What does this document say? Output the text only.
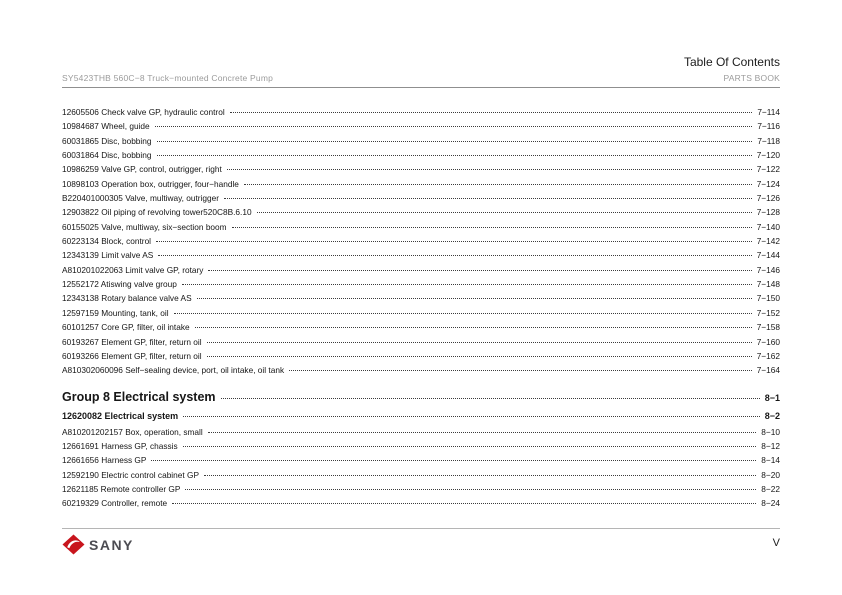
Table Of Contents
SY5423THB 560C−8 Truck−mounted Concrete Pump	PARTS BOOK
12605506 Check valve GP, hydraulic control	7−114
10984687 Wheel, guide	7−116
60031865 Disc, bobbing	7−118
60031864 Disc, bobbing	7−120
10986259 Valve GP, control, outrigger, right	7−122
10898103 Operation box, outrigger, four−handle	7−124
B220401000305 Valve, multiway, outrigger	7−126
12903822 Oil piping of revolving tower520C8B.6.10	7−128
60155025 Valve, multiway, six−section boom	7−140
60223134 Block, control	7−142
12343139 Limit valve AS	7−144
A810201022063 Limit valve GP, rotary	7−146
12552172 Atiswing valve group	7−148
12343138 Rotary balance valve AS	7−150
12597159 Mounting, tank, oil	7−152
60101257 Core GP, filter, oil intake	7−158
60193267 Element GP, filter, return oil	7−160
60193266 Element GP, filter, return oil	7−162
A810302060096 Self−sealing device, port, oil intake, oil tank	7−164
Group 8 Electrical system	8−1
12620082 Electrical system	8−2
A810201202157 Box, operation, small	8−10
12661691 Harness GP, chassis	8−12
12661656 Harness GP	8−14
12592190 Electric control cabinet GP	8−20
12621185 Remote controller GP	8−22
60219329 Controller, remote	8−24
SANY	V
